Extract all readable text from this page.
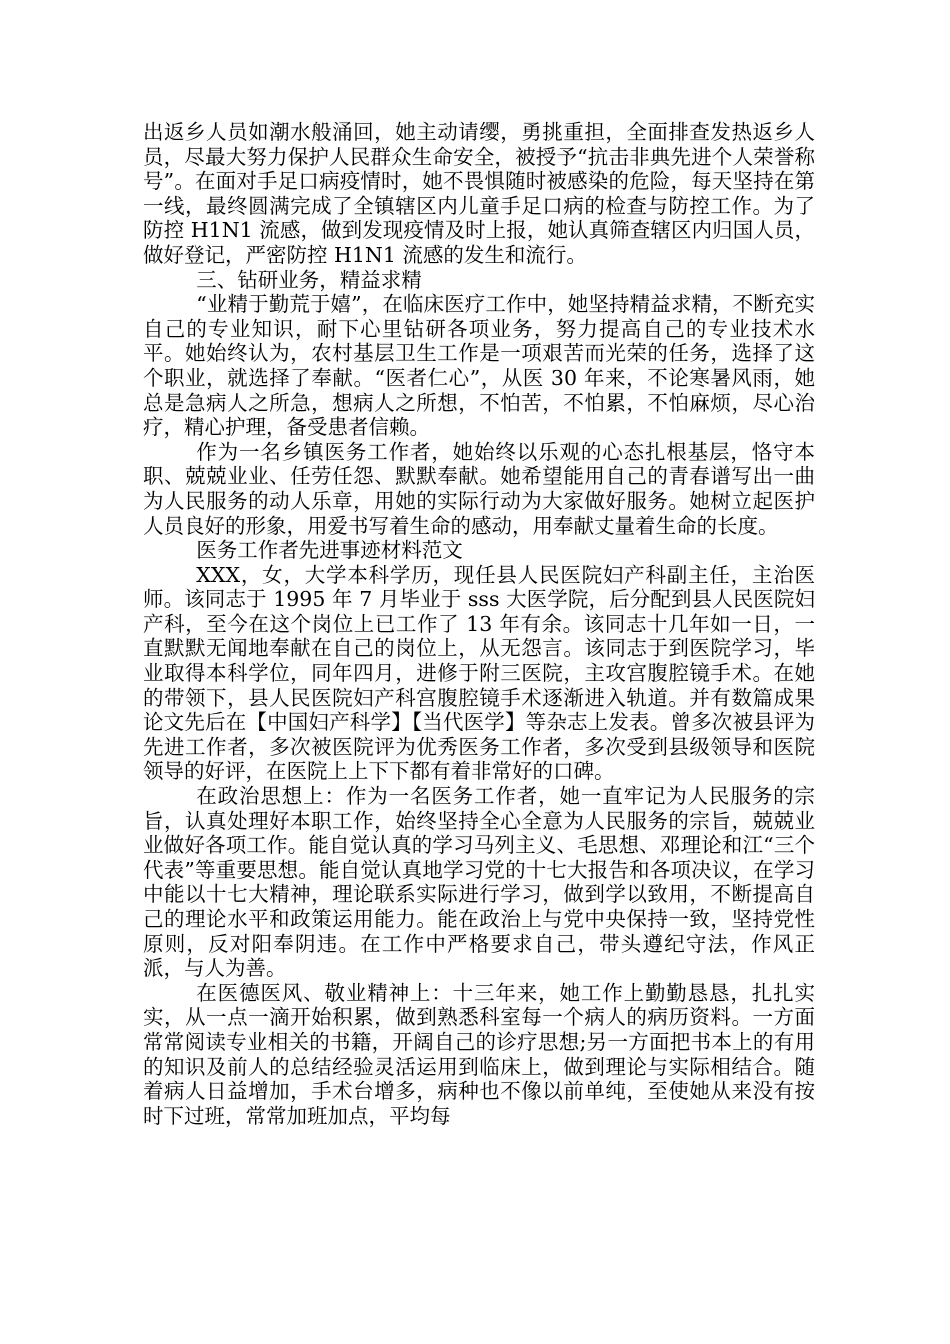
出返乡人员如潮水般涌回，她主动请缨，勇挑重担，全面排查发热返乡人员，尽最大努力保护人民群众生命安全，被授予“抗击非典先进个人荣誉称号”。在面对手足口病疫情时，她不畏惧随时被感染的危险，每天坚持在第一线，最终圆满完成了全镇辖区内儿童手足口病的检查与防控工作。为了防控 H1N1 流感，做到发现疫情及时上报，她认真筛查辖区内归国人员，做好登记，严密防控 H1N1 流感的发生和流行。

三、钻研业务，精益求精

“业精于勤荒于嬉”，在临床医疗工作中，她坚持精益求精，不断充实自己的专业知识，耐下心里钻研各项业务，努力提高自己的专业技术水平。她始终认为，农村基层卫生工作是一项艰苦而光荣的任务，选择了这个职业，就选择了奉献。“医者仁心”，从医 30 年来，不论寒暑风雨，她总是急病人之所急，想病人之所想，不怕苦，不怕累，不怕麻烦，尽心治疗，精心护理，备受患者信赖。

作为一名乡镇医务工作者，她始终以乐观的心态扎根基层，恪守本职、兢兢业业、任劳任怨、默默奉献。她希望能用自己的青春谱写出一曲为人民服务的动人乐章，用她的实际行动为大家做好服务。她树立起医护人员良好的形象，用爱书写着生命的感动，用奉献丈量着生命的长度。

医务工作者先进事迹材料范文

XXX，女，大学本科学历，现任县人民医院妇产科副主任，主治医师。该同志于 1995 年 7 月毕业于 sss 大医学院，后分配到县人民医院妇产科，至今在这个岗位上已工作了 13 年有余。该同志十几年如一日，一直默默无闻地奉献在自己的岗位上，从无怨言。该同志于到医院学习，毕业取得本科学位，同年四月，进修于附三医院，主攻宫腹腔镜手术。在她的带领下，县人民医院妇产科宫腹腔镜手术逐渐进入轨道。并有数篇成果论文先后在【中国妇产科学】【当代医学】等杂志上发表。曾多次被县评为先进工作者，多次被医院评为优秀医务工作者，多次受到县级领导和医院领导的好评，在医院上上下下都有着非常好的口碑。

在政治思想上：作为一名医务工作者，她一直牢记为人民服务的宗旨，认真处理好本职工作，始终坚持全心全意为人民服务的宗旨，兢兢业业做好各项工作。能自觉认真的学习马列主义、毛思想、邓理论和江“三个代表”等重要思想。能自觉认真地学习党的十七大报告和各项决议，在学习中能以十七大精神，理论联系实际进行学习，做到学以致用，不断提高自己的理论水平和政策运用能力。能在政治上与党中央保持一致，坚持党性原则，反对阳奉阴违。在工作中严格要求自己，带头遵纪守法，作风正派，与人为善。

在医德医风、敬业精神上：十三年来，她工作上勤勤恳恳，扎扎实实，从一点一滴开始积累，做到熟悉科室每一个病人的病历资料。一方面常常阅读专业相关的书籍，开阔自己的诊疗思想;另一方面把书本上的有用的知识及前人的总结经验灵活运用到临床上，做到理论与实际相结合。随着病人日益增加，手术台增多，病种也不像以前单纯，至使她从来没有按时下过班，常常加班加点，平均每
